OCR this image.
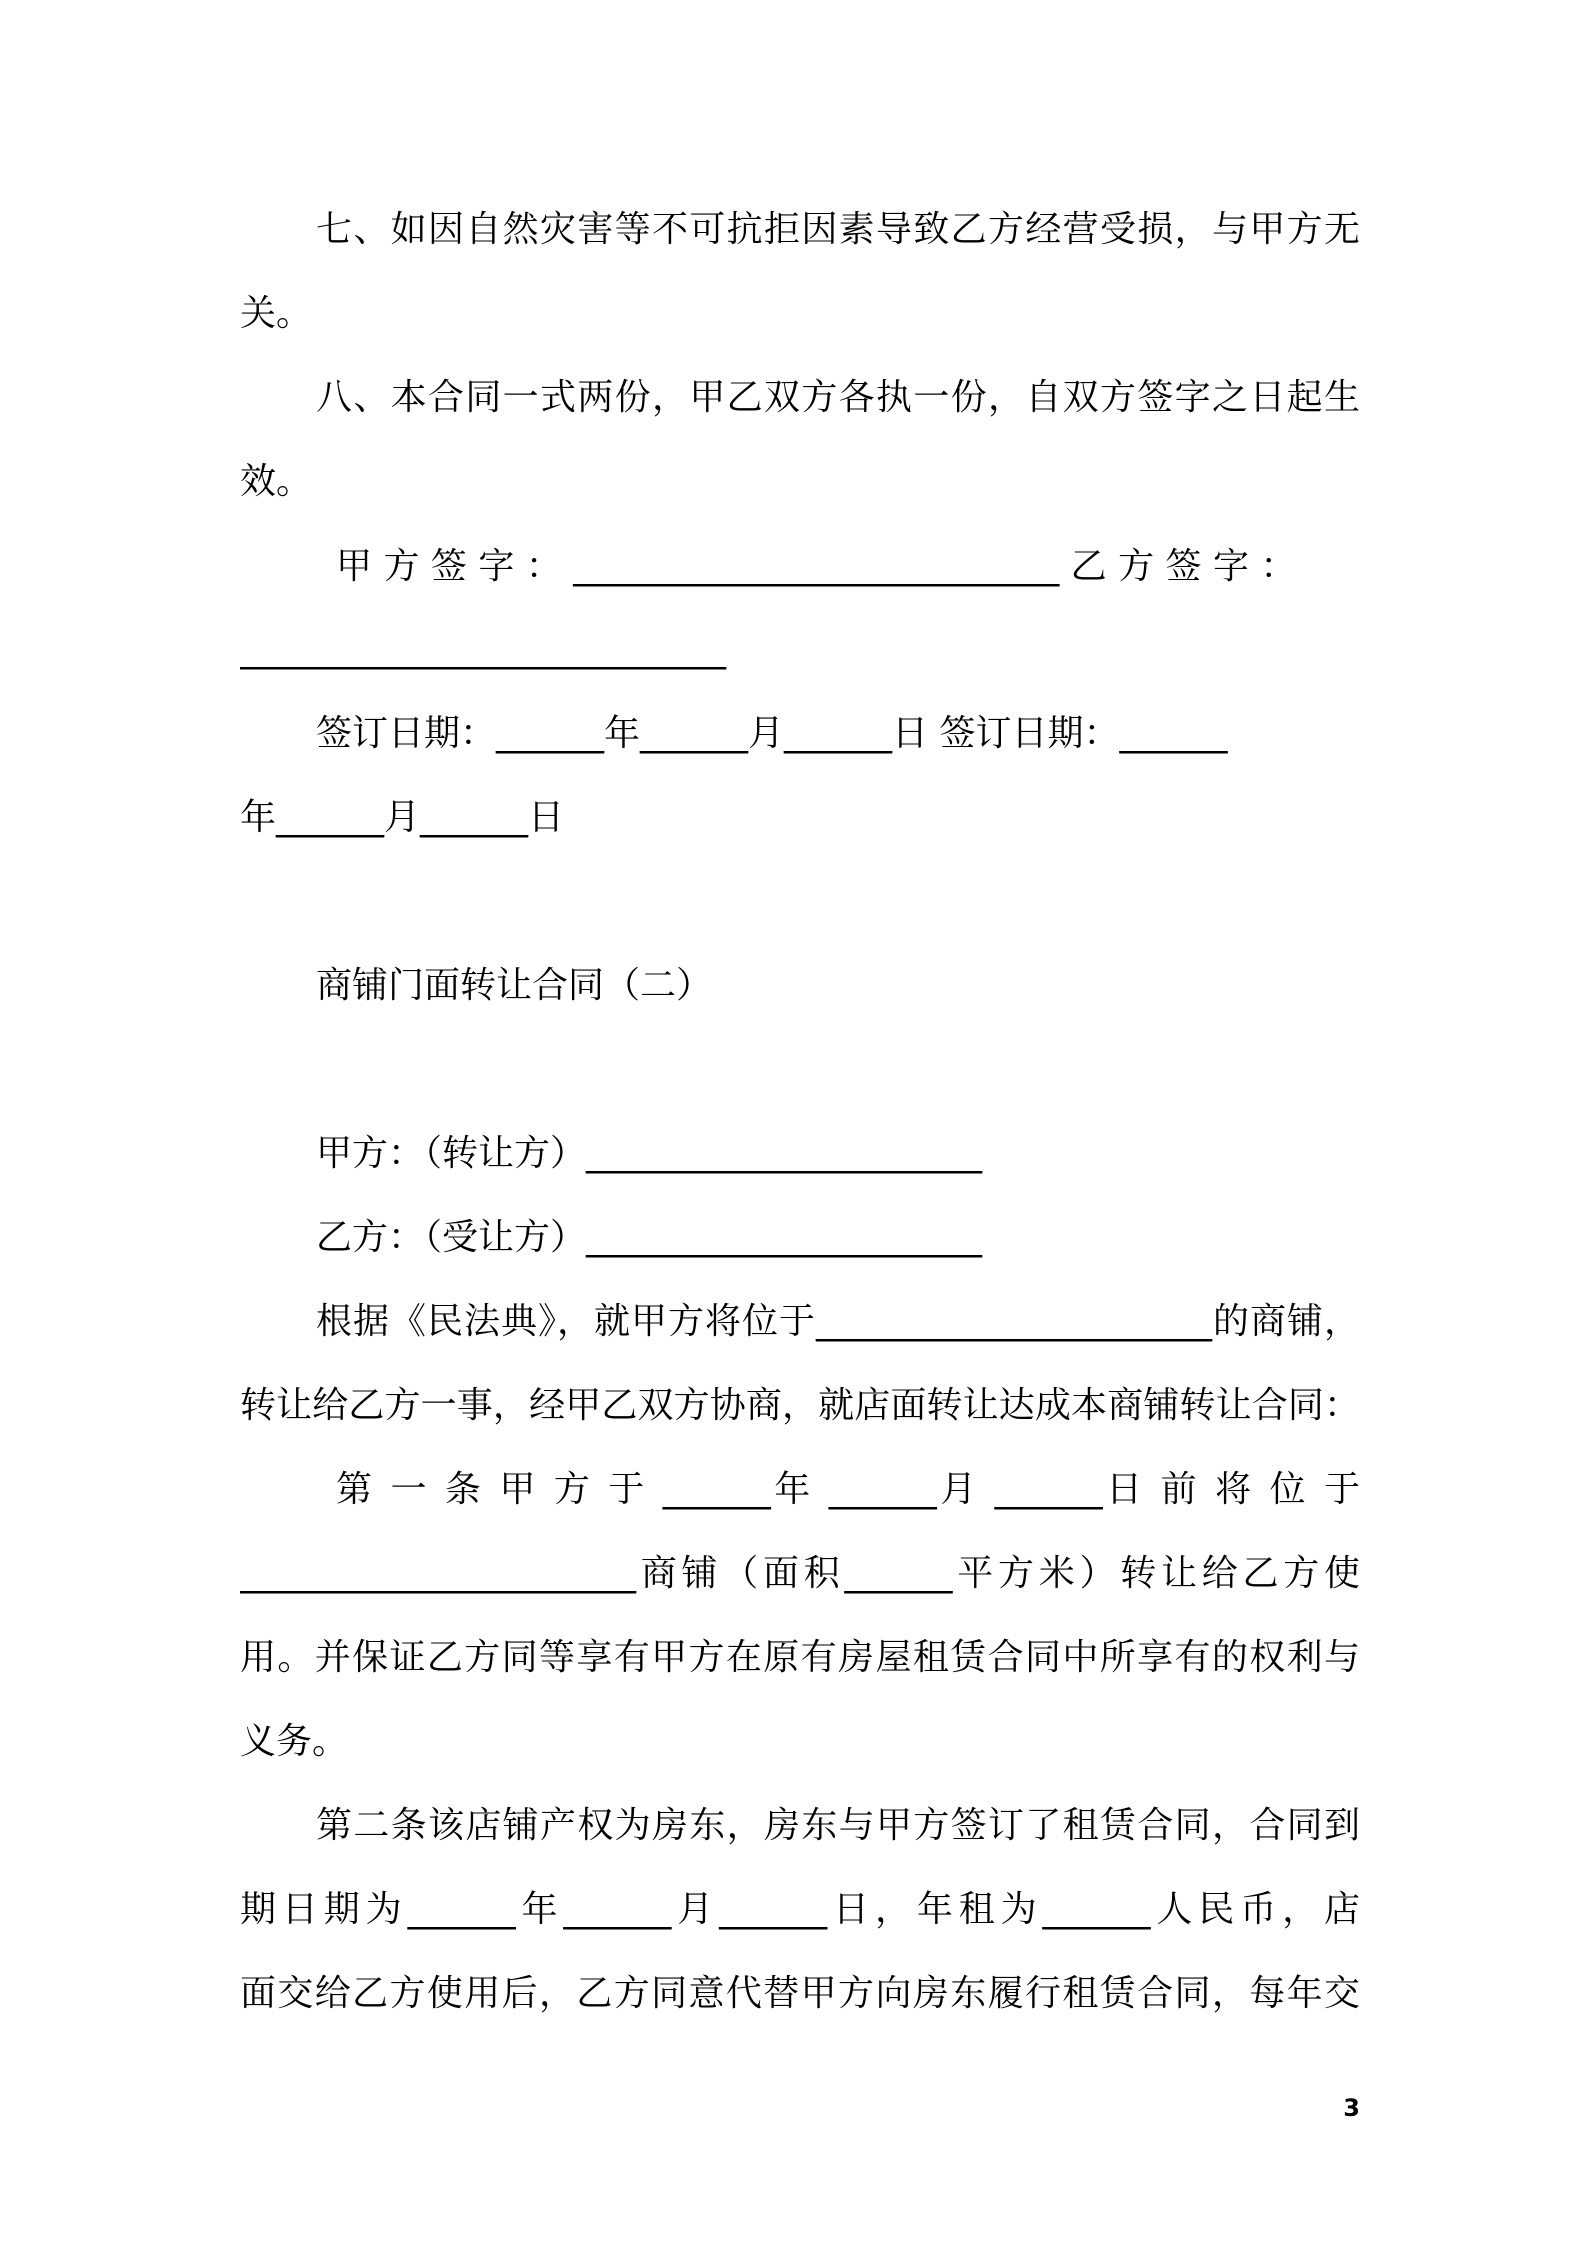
七、如因自然灾害等不可抗拒因素导致乙方经营受损，与甲方无
关。
八、本合同一式两份，甲乙双方各执一份，自双方签字之日起生
效。
甲 方 签 字 ： ___________________________ 乙 方 签 字 ：
___________________________
签订日期：______年______月______日 签订日期：______
年______月______日
商铺门面转让合同（二）
甲方：（转让方）______________________
乙方：（受让方）______________________
根据《民法典》，就甲方将位于______________________的商铺，
转让给乙方一事，经甲乙双方协商，就店面转让达成本商铺转让合同：
第 一 条 甲 方 于 ______年 ______月 ______日 前 将 位 于
______________________商铺（面积______平方米）转让给乙方使
用。并保证乙方同等享有甲方在原有房屋租赁合同中所享有的权利与
义务。
第二条该店铺产权为房东，房东与甲方签订了租赁合同，合同到
期日期为______年______月______日，年租为______人民币，店
面交给乙方使用后，乙方同意代替甲方向房东履行租赁合同，每年交
3
